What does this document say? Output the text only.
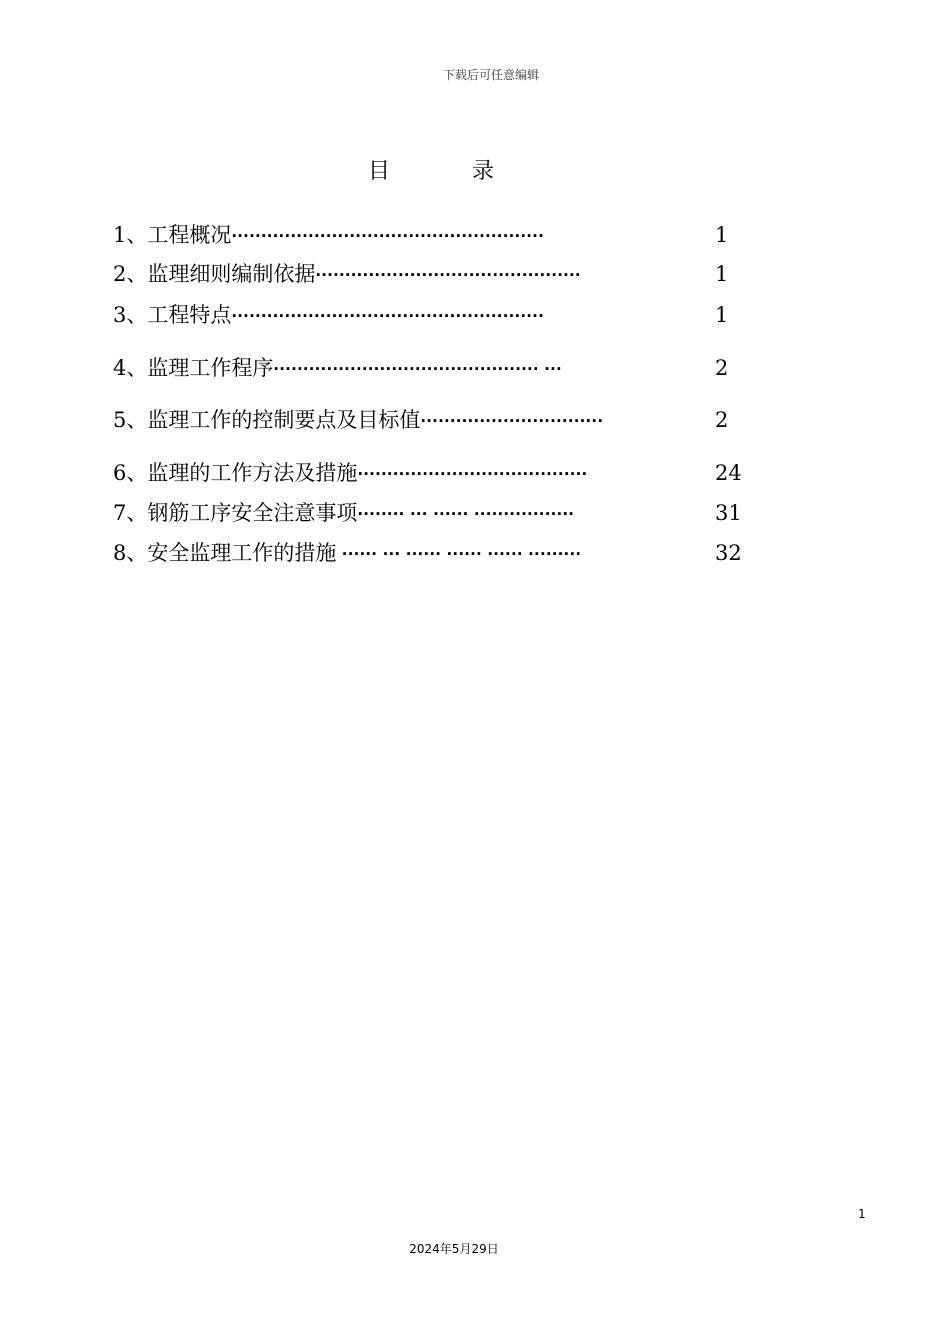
下载后可任意编辑
目	录
1、工程概况·····················································	1
2、监理细则编制依据·············································	1
3、工程特点·····················································	1
4、监理工作程序············································· ···	2
5、监理工作的控制要点及目标值·······························	2
6、监理的工作方法及措施·······································	24
7、钢筋工序安全注意事项········ ··· ······ ·················	31
8、安全监理工作的措施 ······ ··· ······ ······ ······ ·········	32
1
2024年5月29日
